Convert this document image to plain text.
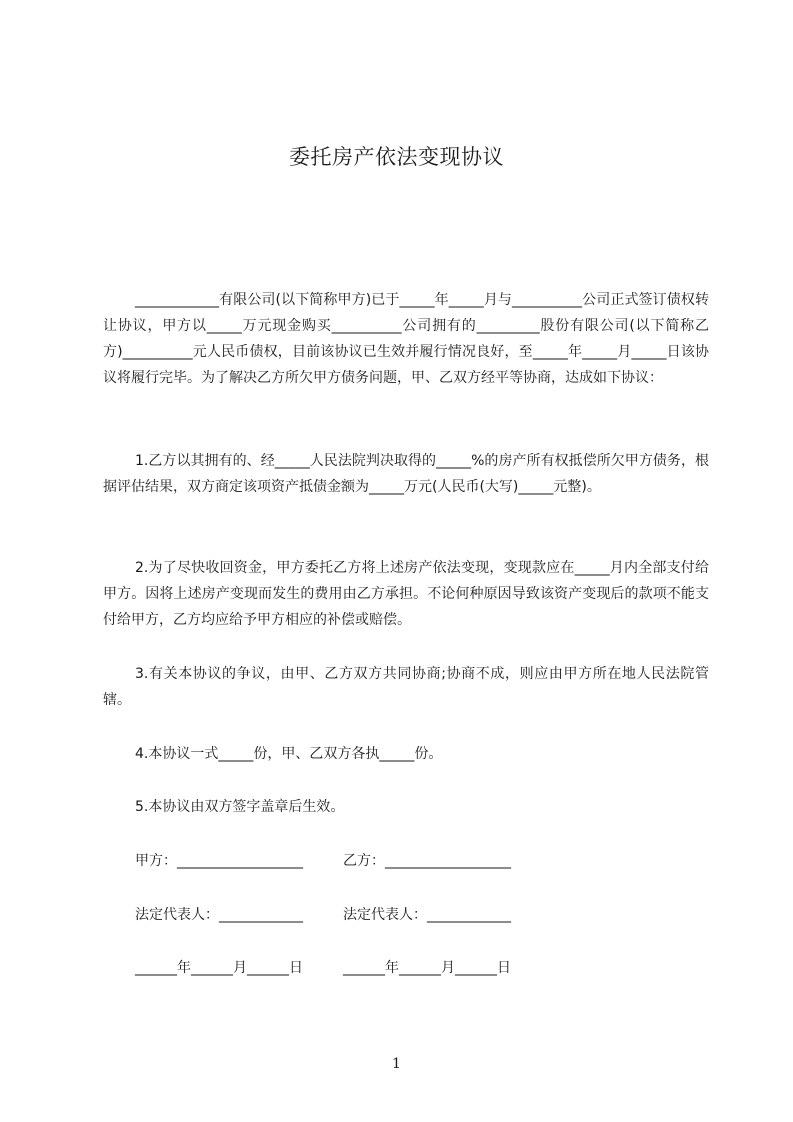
委托房产依法变现协议

____________有限公司(以下简称甲方)已于_____年_____月与__________公司正式签订债权转让协议，甲方以_____万元现金购买__________公司拥有的_________股份有限公司(以下简称乙方)__________元人民币债权，目前该协议已生效并履行情况良好，至_____年_____月_____日该协议将履行完毕。为了解决乙方所欠甲方债务问题，甲、乙双方经平等协商，达成如下协议：

1.乙方以其拥有的、经_____人民法院判决取得的_____%的房产所有权抵偿所欠甲方债务，根据评估结果，双方商定该项资产抵债金额为_____万元(人民币(大写)_____元整)。

2.为了尽快收回资金，甲方委托乙方将上述房产依法变现，变现款应在_____月内全部支付给甲方。因将上述房产变现而发生的费用由乙方承担。不论何种原因导致该资产变现后的款项不能支付给甲方，乙方均应给予甲方相应的补偿或赔偿。

3.有关本协议的争议，由甲、乙方双方共同协商;协商不成，则应由甲方所在地人民法院管辖。

4.本协议一式_____份，甲、乙双方各执_____份。

5.本协议由双方签字盖章后生效。

甲方：__________________	乙方：__________________
法定代表人：____________	法定代表人：____________
______年______月______日	______年______月______日
1
